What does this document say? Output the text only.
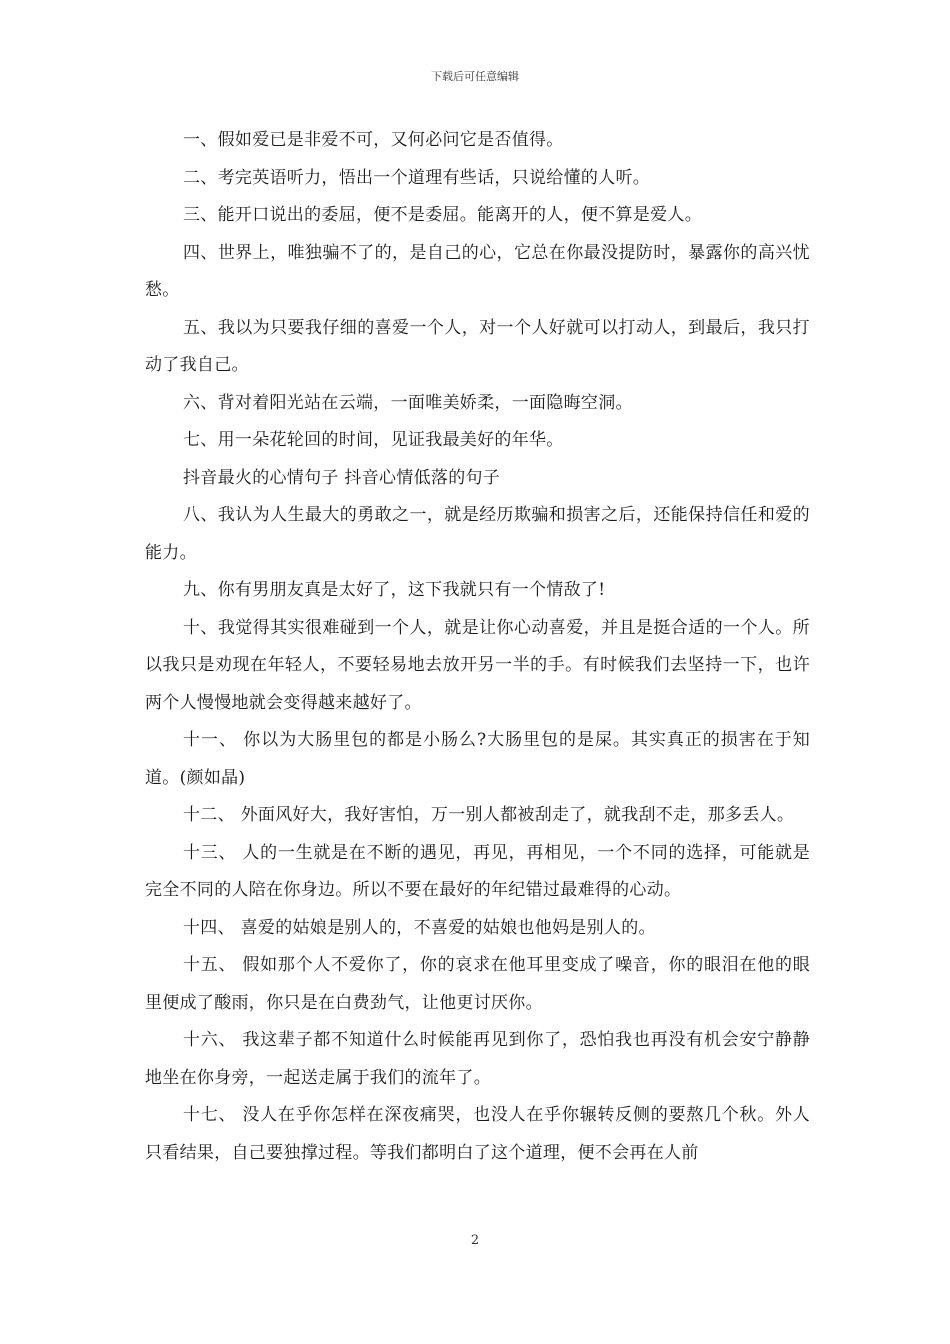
下载后可任意编辑

一、假如爱已是非爱不可，又何必问它是否值得。

二、考完英语听力，悟出一个道理有些话，只说给懂的人听。

三、能开口说出的委屈，便不是委屈。能离开的人，便不算是爱人。

四、世界上，唯独骗不了的，是自己的心，它总在你最没提防时，暴露你的高兴忧愁。

五、我以为只要我仔细的喜爱一个人，对一个人好就可以打动人，到最后，我只打动了我自己。

六、背对着阳光站在云端，一面唯美娇柔，一面隐晦空洞。

七、用一朵花轮回的时间，见证我最美好的年华。

抖音最火的心情句子 抖音心情低落的句子

八、我认为人生最大的勇敢之一，就是经历欺骗和损害之后，还能保持信任和爱的能力。

九、你有男朋友真是太好了，这下我就只有一个情敌了!

十、我觉得其实很难碰到一个人，就是让你心动喜爱，并且是挺合适的一个人。所以我只是劝现在年轻人，不要轻易地去放开另一半的手。有时候我们去坚持一下，也许两个人慢慢地就会变得越来越好了。

十一、 你以为大肠里包的都是小肠么?大肠里包的是屎。其实真正的损害在于知道。(颜如晶)

十二、 外面风好大，我好害怕，万一别人都被刮走了，就我刮不走，那多丢人。

十三、 人的一生就是在不断的遇见，再见，再相见，一个不同的选择，可能就是完全不同的人陪在你身边。所以不要在最好的年纪错过最难得的心动。

十四、 喜爱的姑娘是别人的，不喜爱的姑娘也他妈是别人的。

十五、 假如那个人不爱你了，你的哀求在他耳里变成了噪音，你的眼泪在他的眼里便成了酸雨，你只是在白费劲气，让他更讨厌你。

十六、 我这辈子都不知道什么时候能再见到你了，恐怕我也再没有机会安宁静静地坐在你身旁，一起送走属于我们的流年了。

十七、 没人在乎你怎样在深夜痛哭，也没人在乎你辗转反侧的要熬几个秋。外人只看结果，自己要独撑过程。等我们都明白了这个道理，便不会再在人前

2
